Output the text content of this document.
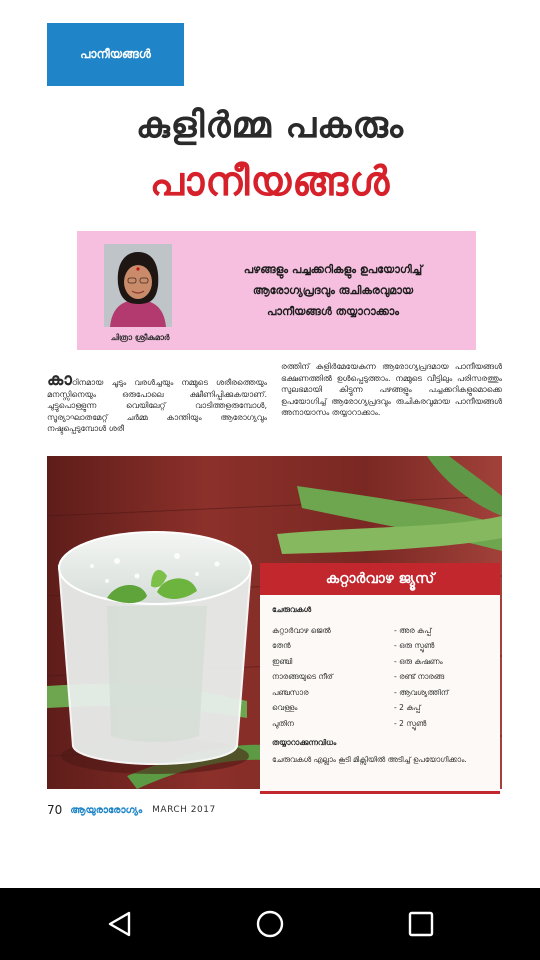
പാനീയങ്ങൾ
കുളിർമ്മ പകരും
പാനീയങ്ങൾ
ചിത്രാ ശ്രീകുമാർ
പഴങ്ങളും പച്ചക്കറികളും ഉപയോഗിച്ച്
ആരോഗ്യപ്രദവും രുചികരവുമായ
പാനീയങ്ങൾ തയ്യാറാക്കാം
കാഠിനമായ ചൂടും വരൾച്ചയും നമ്മുടെ ശരീരത്തെയും മനസ്സിനെയും ഒരുപോലെ ക്ഷീണിപ്പിക്കുകയാണ്. ചുട്ടുപൊള്ളുന്ന വെയിലേറ്റ് വാടിത്തളരുമ്പോൾ, സൂര്യാഘാതമേറ്റ് ചർമ്മ കാന്തിയും ആരോഗ്യവും നഷ്ടപ്പെടുമ്പോൾ ശരീ
രത്തിന് കുളിർമേയേകുന്ന ആരോഗ്യപ്രദമായ പാനീയങ്ങൾ ഭക്ഷണത്തിൽ ഉൾപ്പെടുത്താം. നമ്മുടെ വീട്ടിലും പരിസരത്തും സുലഭമായി കിട്ടുന്ന പഴങ്ങളും പച്ചക്കറികളുമൊക്കെ ഉപയോഗിച്ച് ആരോഗ്യപ്രദവും രുചികരവുമായ പാനീയങ്ങൾ അനായാസം തയ്യാറാക്കാം.
കറ്റാർവാഴ ജ്യൂസ്
ചേരുവകൾ
കറ്റാർവാഴ ജെൽ	- അര കപ്പ്
തേൻ	- ഒരു സ്പൂൺ
ഇഞ്ചി	- ഒരു കഷണം
നാരങ്ങയുടെ നീര്	- രണ്ട് നാരങ്ങ
പഞ്ചസാര	- ആവശ്യത്തിന്
വെള്ളം	- 2 കപ്പ്
പുതിന	- 2 സ്പൂൺ
തയ്യാറാക്കുന്നവിധം
ചേരുവകൾ എല്ലാം കൂടി മിക്സിയിൽ അടിച്ച് ഉപയോഗിക്കാം.
70 ആയുരാരോഗ്യം MARCH 2017
